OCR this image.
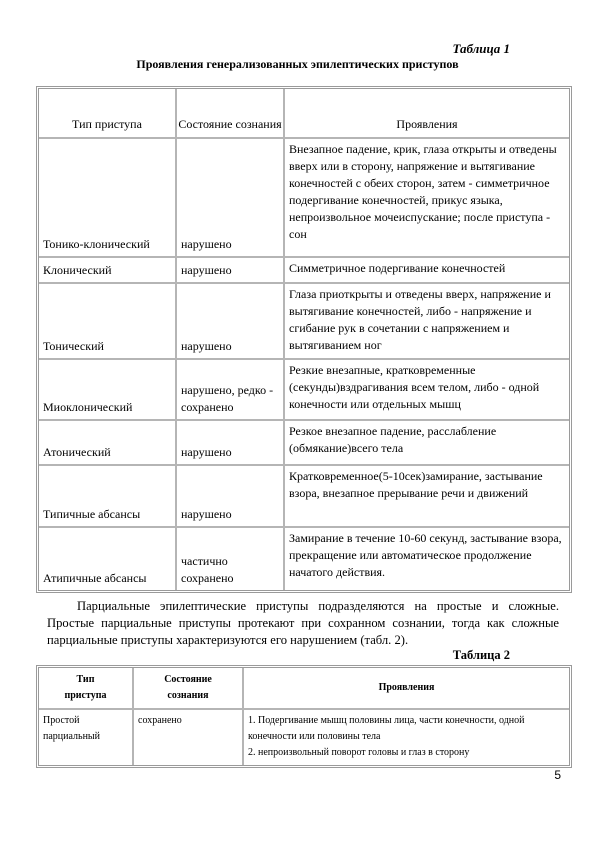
Таблица 1
Проявления генерализованных эпилептических приступов
Тип приступа	Состояние сознания	Проявления
Тонико-клонический	нарушено	Внезапное падение, крик, глаза открыты и отведены вверх или в сторону, напряжение и вытягивание конечностей с обеих сторон, затем - симметричное подергивание конечностей, прикус языка, непроизвольное мочеиспускание; после приступа - сон
Клонический	нарушено	Симметричное подергивание конечностей
Тонический	нарушено	Глаза приоткрыты и отведены вверх, напряжение и вытягивание конечностей, либо - напряжение и сгибание рук в сочетании с напряжением и вытягиванием ног
Миоклонический	нарушено, редко - сохранено	Резкие внезапные, кратковременные (секунды)вздрагивания всем телом, либо - одной конечности или отдельных мышц
Атонический	нарушено	Резкое внезапное падение, расслабление (обмякание)всего тела
Типичные абсансы	нарушено	Кратковременное(5-10сек)замирание, застывание взора, внезапное прерывание речи и движений
Атипичные абсансы	частично сохранено	Замирание в течение 10-60 секунд, застывание взора, прекращение или автоматическое продолжение начатого действия.

Парциальные эпилептические приступы подразделяются на простые и сложные. Простые парциальные приступы протекают при сохранном сознании, тогда как сложные парциальные приступы характеризуются его нарушением (табл. 2).

Таблица 2
Тип приступа	Состояние сознания	Проявления
Простой парциальный	сохранено	1. Подергивание мышц половины лица, части конечности, одной конечности или половины тела
2. непроизвольный поворот головы и глаз в сторону
5
